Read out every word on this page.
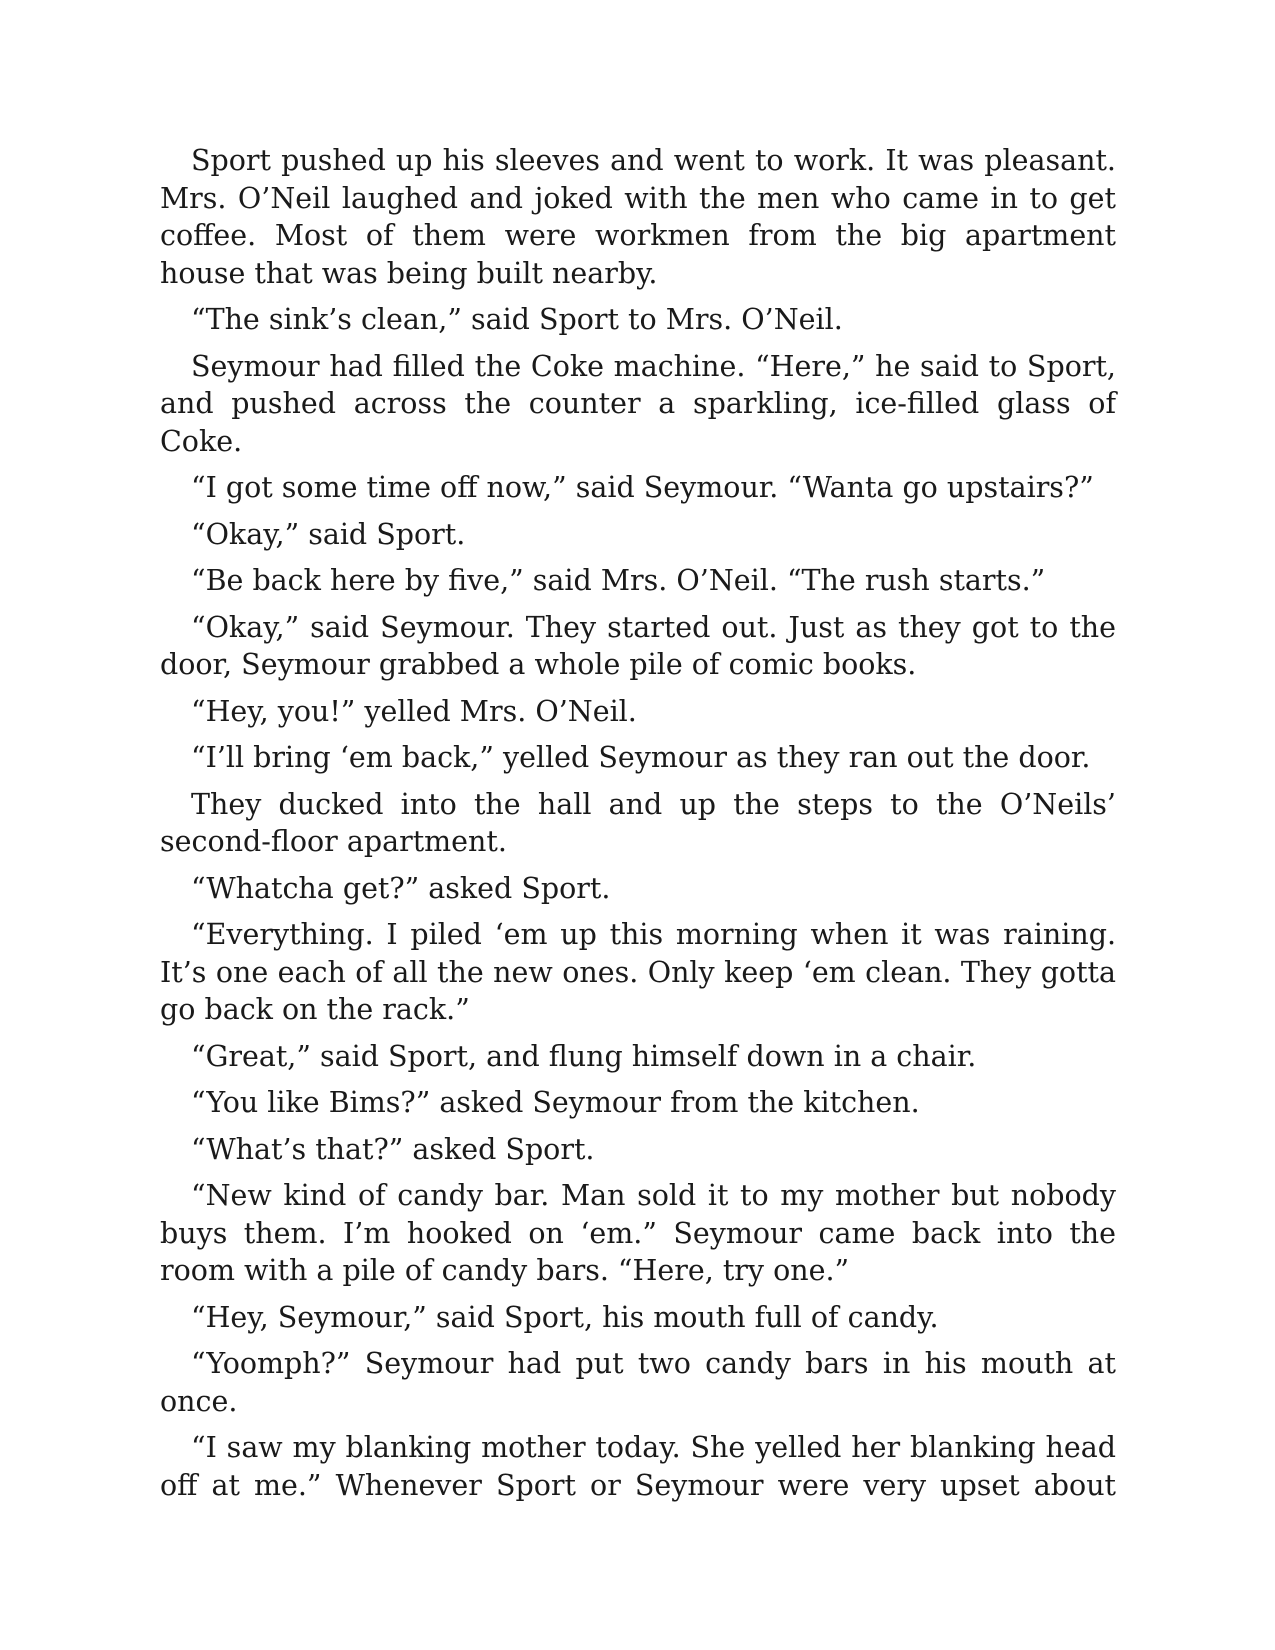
Sport pushed up his sleeves and went to work. It was pleasant. Mrs. O’Neil laughed and joked with the men who came in to get coffee. Most of them were workmen from the big apartment house that was being built nearby.

“The sink’s clean,” said Sport to Mrs. O’Neil.

Seymour had filled the Coke machine. “Here,” he said to Sport, and pushed across the counter a sparkling, ice-filled glass of Coke.

“I got some time off now,” said Seymour. “Wanta go upstairs?”

“Okay,” said Sport.

“Be back here by five,” said Mrs. O’Neil. “The rush starts.”

“Okay,” said Seymour. They started out. Just as they got to the door, Seymour grabbed a whole pile of comic books.

“Hey, you!” yelled Mrs. O’Neil.

“I’ll bring ‘em back,” yelled Seymour as they ran out the door.

They ducked into the hall and up the steps to the O’Neils’ second-floor apartment.

“Whatcha get?” asked Sport.

“Everything. I piled ‘em up this morning when it was raining. It’s one each of all the new ones. Only keep ‘em clean. They gotta go back on the rack.”

“Great,” said Sport, and flung himself down in a chair.

“You like Bims?” asked Seymour from the kitchen.

“What’s that?” asked Sport.

“New kind of candy bar. Man sold it to my mother but nobody buys them. I’m hooked on ‘em.” Seymour came back into the room with a pile of candy bars. “Here, try one.”

“Hey, Seymour,” said Sport, his mouth full of candy.

“Yoomph?” Seymour had put two candy bars in his mouth at once.

“I saw my blanking mother today. She yelled her blanking head off at me.” Whenever Sport or Seymour were very upset about
